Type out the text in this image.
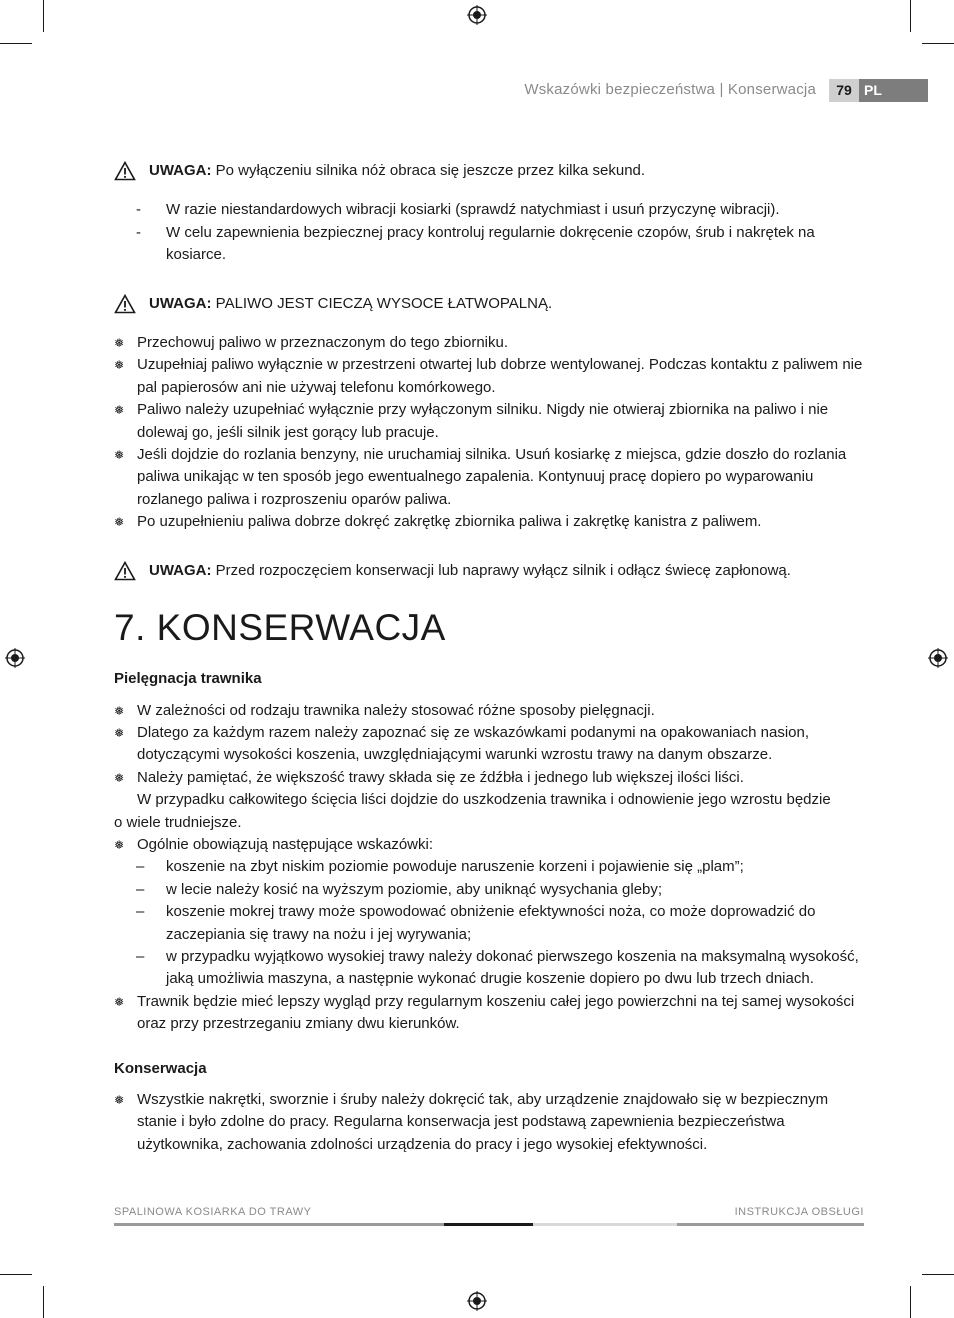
Wskazówki bezpieczeństwa | Konserwacja	79 PL

UWAGA: Po wyłączeniu silnika nóż obraca się jeszcze przez kilka sekund.

-	W razie niestandardowych wibracji kosiarki (sprawdź natychmiast i usuń przyczynę wibracji).

-	W celu zapewnienia bezpiecznej pracy kontroluj regularnie dokręcenie czopów, śrub i nakrętek na kosiarce.

UWAGA: PALIWO JEST CIECZĄ WYSOCE ŁATWOPALNĄ.

❅ Przechowuj paliwo w przeznaczonym do tego zbiorniku.

❅ Uzupełniaj paliwo wyłącznie w przestrzeni otwartej lub dobrze wentylowanej. Podczas kontaktu z paliwem nie pal papierosów ani nie używaj telefonu komórkowego.

❅ Paliwo należy uzupełniać wyłącznie przy wyłączonym silniku. Nigdy nie otwieraj zbiornika na paliwo i nie dolewaj go, jeśli silnik jest gorący lub pracuje.

❅ Jeśli dojdzie do rozlania benzyny, nie uruchamiaj silnika. Usuń kosiarkę z miejsca, gdzie doszło do rozlania paliwa unikając w ten sposób jego ewentualnego zapalenia. Kontynuuj pracę dopiero po wyparowaniu rozlanego paliwa i rozproszeniu oparów paliwa.

❅ Po uzupełnieniu paliwa dobrze dokręć zakrętkę zbiornika paliwa i zakrętkę kanistra z paliwem.

UWAGA: Przed rozpoczęciem konserwacji lub naprawy wyłącz silnik i odłącz świecę zapłonową.

7. KONSERWACJA

Pielęgnacja trawnika

❅ W zależności od rodzaju trawnika należy stosować różne sposoby pielęgnacji.

❅ Dlatego za każdym razem należy zapoznać się ze wskazówkami podanymi na opakowaniach nasion, dotyczącymi wysokości koszenia, uwzględniającymi warunki wzrostu trawy na danym obszarze.

❅ Należy pamiętać, że większość trawy składa się ze źdźbła i jednego lub większej ilości liści.

W przypadku całkowitego ścięcia liści dojdzie do uszkodzenia trawnika i odnowienie jego wzrostu będzie

o wiele trudniejsze.

❅ Ogólnie obowiązują następujące wskazówki:

–	koszenie na zbyt niskim poziomie powoduje naruszenie korzeni i pojawienie się „plam”;

–	w lecie należy kosić na wyższym poziomie, aby uniknąć wysychania gleby;

–	koszenie mokrej trawy może spowodować obniżenie efektywności noża, co może doprowadzić do zaczepiania się trawy na nożu i jej wyrywania;

–	w przypadku wyjątkowo wysokiej trawy należy dokonać pierwszego koszenia na maksymalną wysokość, jaką umożliwia maszyna, a następnie wykonać drugie koszenie dopiero po dwu lub trzech dniach.

❅ Trawnik będzie mieć lepszy wygląd przy regularnym koszeniu całej jego powierzchni na tej samej wysokości oraz przy przestrzeganiu zmiany dwu kierunków.

Konserwacja

❅ Wszystkie nakrętki, sworznie i śruby należy dokręcić tak, aby urządzenie znajdowało się w bezpiecznym stanie i było zdolne do pracy. Regularna konserwacja jest podstawą zapewnienia bezpieczeństwa użytkownika, zachowania zdolności urządzenia do pracy i jego wysokiej efektywności.

SPALINOWA KOSIARKA DO TRAWY	INSTRUKCJA OBSŁUGI
